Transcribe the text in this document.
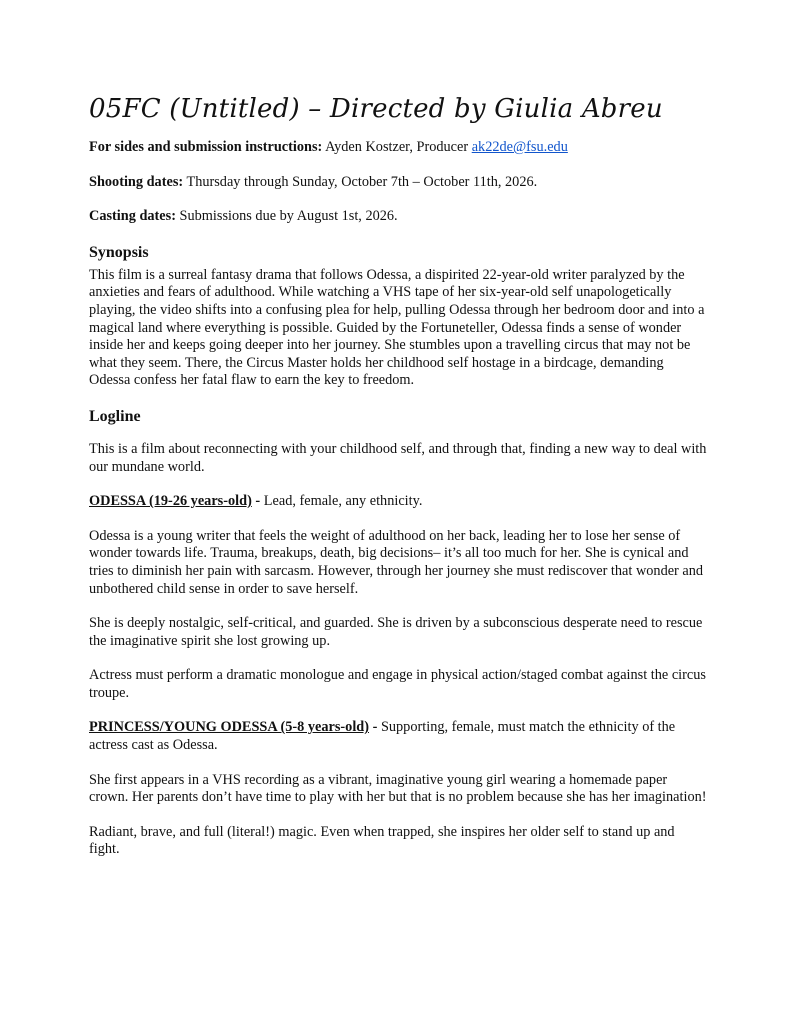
05FC (Untitled) – Directed by Giulia Abreu

For sides and submission instructions: Ayden Kostzer, Producer ak22de@fsu.edu

Shooting dates: Thursday through Sunday, October 7th – October 11th, 2026.

Casting dates: Submissions due by August 1st, 2026.

Synopsis

This film is a surreal fantasy drama that follows Odessa, a dispirited 22-year-old writer paralyzed by the anxieties and fears of adulthood. While watching a VHS tape of her six-year-old self unapologetically playing, the video shifts into a confusing plea for help, pulling Odessa through her bedroom door and into a magical land where everything is possible. Guided by the Fortuneteller, Odessa finds a sense of wonder inside her and keeps going deeper into her journey. She stumbles upon a travelling circus that may not be what they seem. There, the Circus Master holds her childhood self hostage in a birdcage, demanding Odessa confess her fatal flaw to earn the key to freedom.

Logline

This is a film about reconnecting with your childhood self, and through that, finding a new way to deal with our mundane world.

ODESSA (19-26 years-old) - Lead, female, any ethnicity.

Odessa is a young writer that feels the weight of adulthood on her back, leading her to lose her sense of wonder towards life. Trauma, breakups, death, big decisions– it’s all too much for her. She is cynical and tries to diminish her pain with sarcasm. However, through her journey she must rediscover that wonder and unbothered child sense in order to save herself.

She is deeply nostalgic, self-critical, and guarded. She is driven by a subconscious desperate need to rescue the imaginative spirit she lost growing up.

Actress must perform a dramatic monologue and engage in physical action/staged combat against the circus troupe.

PRINCESS/YOUNG ODESSA (5-8 years-old) - Supporting, female, must match the ethnicity of the actress cast as Odessa.

She first appears in a VHS recording as a vibrant, imaginative young girl wearing a homemade paper crown. Her parents don’t have time to play with her but that is no problem because she has her imagination!

Radiant, brave, and full (literal!) magic. Even when trapped, she inspires her older self to stand up and fight.
